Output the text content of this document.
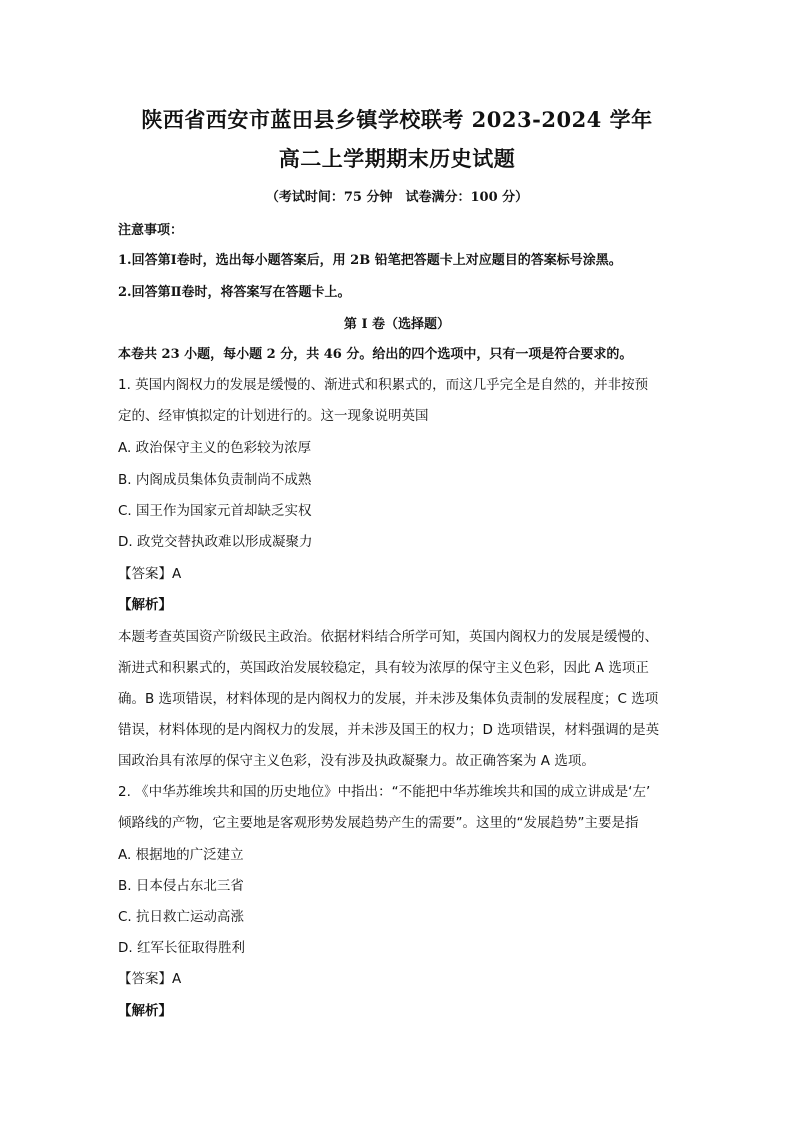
陕西省西安市蓝田县乡镇学校联考 2023-2024 学年
高二上学期期末历史试题
（考试时间：75 分钟　试卷满分：100 分）
注意事项：
1.回答第Ⅰ卷时，选出每小题答案后，用 2B 铅笔把答题卡上对应题目的答案标号涂黑。
2.回答第Ⅱ卷时，将答案写在答题卡上。
第 I 卷（选择题）
本卷共 23 小题，每小题 2 分，共 46 分。给出的四个选项中，只有一项是符合要求的。
1. 英国内阁权力的发展是缓慢的、渐进式和积累式的，而这几乎完全是自然的，并非按预
定的、经审慎拟定的计划进行的。这一现象说明英国
A. 政治保守主义的色彩较为浓厚
B. 内阁成员集体负责制尚不成熟
C. 国王作为国家元首却缺乏实权
D. 政党交替执政难以形成凝聚力
【答案】A
【解析】
本题考查英国资产阶级民主政治。依据材料结合所学可知，英国内阁权力的发展是缓慢的、
渐进式和积累式的，英国政治发展较稳定，具有较为浓厚的保守主义色彩，因此 A 选项正
确。B 选项错误，材料体现的是内阁权力的发展，并未涉及集体负责制的发展程度；C 选项
错误，材料体现的是内阁权力的发展，并未涉及国王的权力；D 选项错误，材料强调的是英
国政治具有浓厚的保守主义色彩，没有涉及执政凝聚力。故正确答案为 A 选项。
2. 《中华苏维埃共和国的历史地位》中指出：“不能把中华苏维埃共和国的成立讲成是‘左’
倾路线的产物，它主要地是客观形势发展趋势产生的需要”。这里的“发展趋势”主要是指
A. 根据地的广泛建立
B. 日本侵占东北三省
C. 抗日救亡运动高涨
D. 红军长征取得胜利
【答案】A
【解析】
